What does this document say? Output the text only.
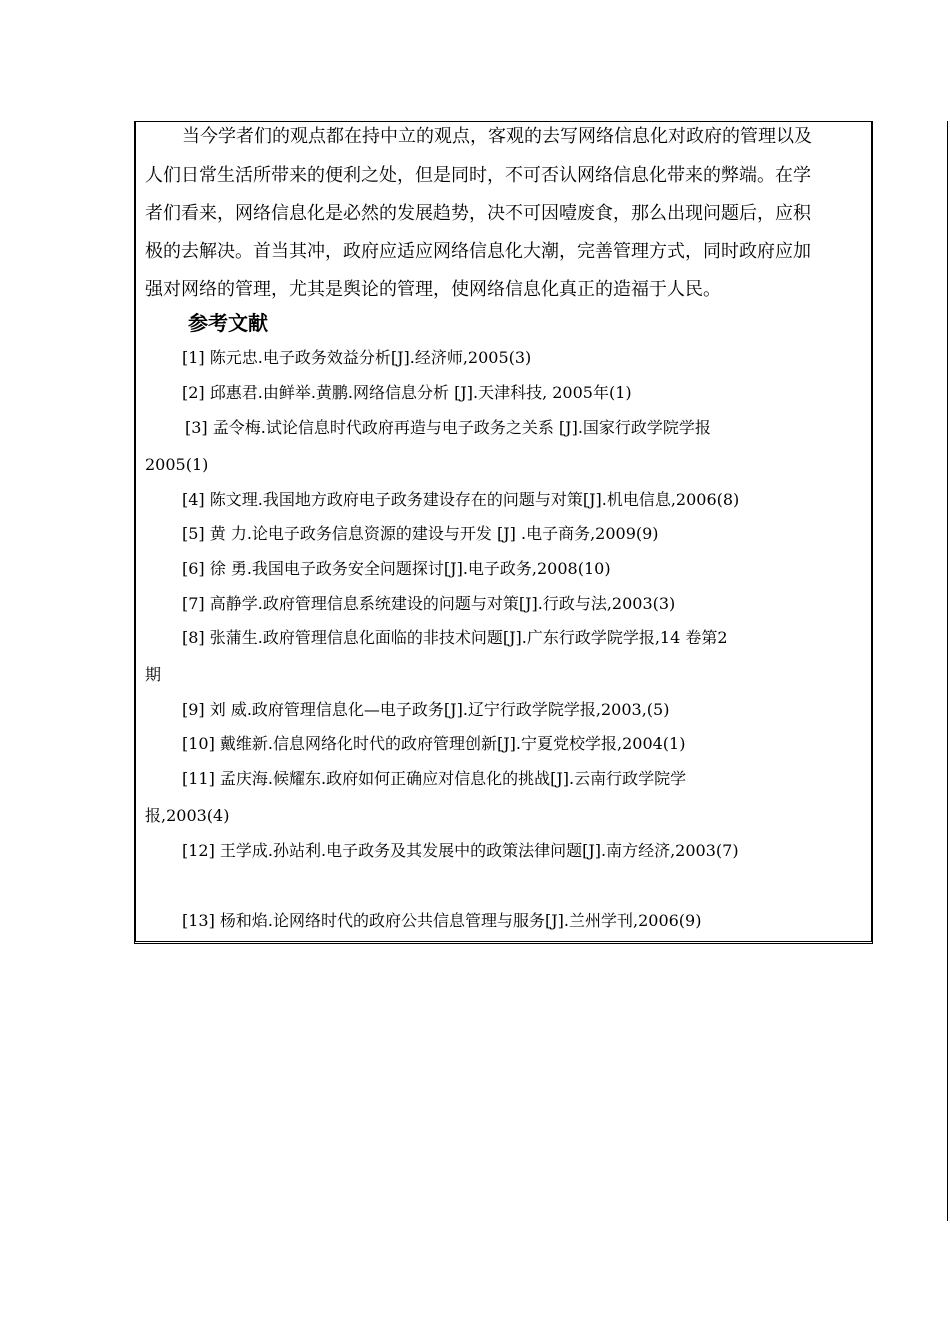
当今学者们的观点都在持中立的观点，客观的去写网络信息化对政府的管理以及
人们日常生活所带来的便利之处，但是同时，不可否认网络信息化带来的弊端。在学
者们看来，网络信息化是必然的发展趋势，决不可因噎废食，那么出现问题后，应积
极的去解决。首当其冲，政府应适应网络信息化大潮，完善管理方式，同时政府应加
强对网络的管理，尤其是舆论的管理，使网络信息化真正的造福于人民。
参考文献
[1] 陈元忠.电子政务效益分析[J].经济师,2005(3)
[2] 邱惠君.由鲜举.黄鹏.网络信息分析 [J].天津科技, 2005年(1)
[3] 孟令梅.试论信息时代政府再造与电子政务之关系 [J].国家行政学院学报
2005(1)
[4] 陈文理.我国地方政府电子政务建设存在的问题与对策[J].机电信息,2006(8)
[5] 黄 力.论电子政务信息资源的建设与开发 [J] .电子商务,2009(9)
[6] 徐 勇.我国电子政务安全问题探讨[J].电子政务,2008(10)
[7] 高静学.政府管理信息系统建设的问题与对策[J].行政与法,2003(3)
[8] 张蒲生.政府管理信息化面临的非技术问题[J].广东行政学院学报,14 卷第2
期
[9] 刘 威.政府管理信息化—电子政务[J].辽宁行政学院学报,2003,(5)
[10] 戴维新.信息网络化时代的政府管理创新[J].宁夏党校学报,2004(1)
[11] 孟庆海.候耀东.政府如何正确应对信息化的挑战[J].云南行政学院学
报,2003(4)
[12] 王学成.孙站利.电子政务及其发展中的政策法律问题[J].南方经济,2003(7)
[13] 杨和焰.论网络时代的政府公共信息管理与服务[J].兰州学刊,2006(9)
